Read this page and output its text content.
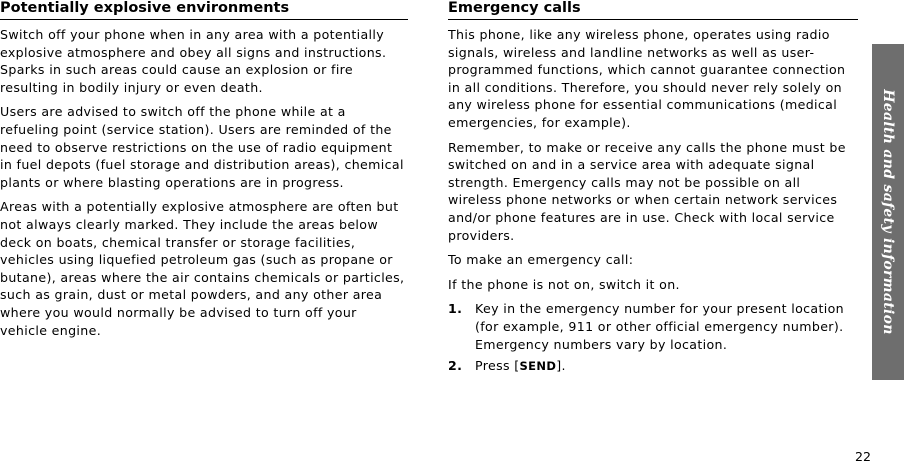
Potentially explosive environments

Switch off your phone when in any area with a potentially explosive atmosphere and obey all signs and instructions. Sparks in such areas could cause an explosion or fire resulting in bodily injury or even death.

Users are advised to switch off the phone while at a refueling point (service station). Users are reminded of the need to observe restrictions on the use of radio equipment in fuel depots (fuel storage and distribution areas), chemical plants or where blasting operations are in progress.

Areas with a potentially explosive atmosphere are often but not always clearly marked. They include the areas below deck on boats, chemical transfer or storage facilities, vehicles using liquefied petroleum gas (such as propane or butane), areas where the air contains chemicals or particles, such as grain, dust or metal powders, and any other area where you would normally be advised to turn off your vehicle engine.

Emergency calls

This phone, like any wireless phone, operates using radio signals, wireless and landline networks as well as user-programmed functions, which cannot guarantee connection in all conditions. Therefore, you should never rely solely on any wireless phone for essential communications (medical emergencies, for example).

Remember, to make or receive any calls the phone must be switched on and in a service area with adequate signal strength. Emergency calls may not be possible on all wireless phone networks or when certain network services and/or phone features are in use. Check with local service providers.

To make an emergency call:

If the phone is not on, switch it on.

1.	Key in the emergency number for your present location (for example, 911 or other official emergency number). Emergency numbers vary by location.
2.	Press [SEND].
Health and safety information
22
